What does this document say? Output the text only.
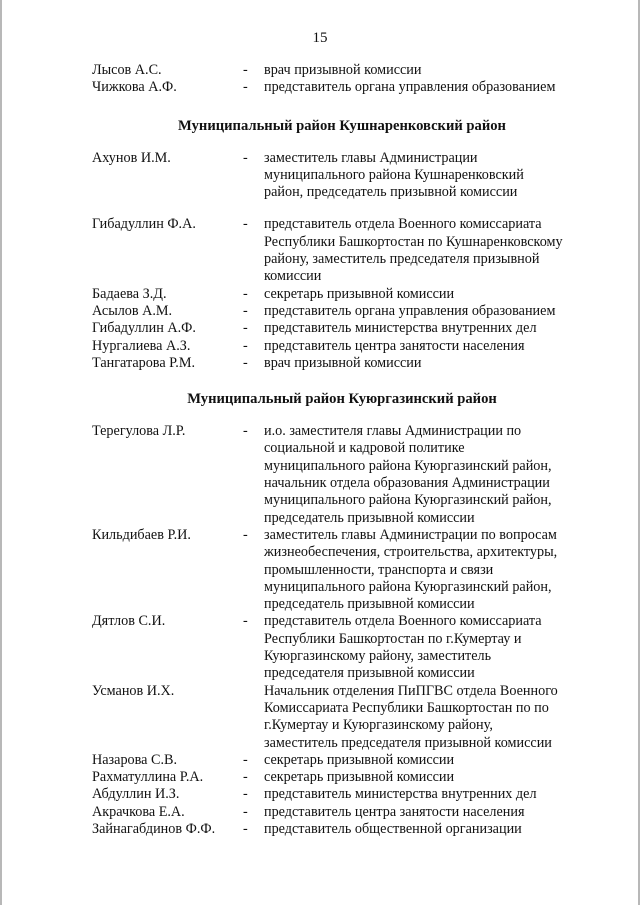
15
Лысов А.С.	-	врач призывной комиссии
Чижкова А.Ф.	-	представитель органа управления образованием
Муниципальный район Кушнаренковский район
Ахунов И.М.	-	заместитель главы Администрации
муниципального района Кушнаренковский
район, председатель призывной комиссии
Гибадуллин Ф.А.	-	представитель отдела Военного комиссариата
Республики Башкортостан по Кушнаренковскому
району, заместитель председателя призывной
комиссии
Бадаева З.Д.	-	секретарь призывной комиссии
Асылов А.М.	-	представитель органа управления образованием
Гибадуллин А.Ф.	-	представитель министерства внутренних дел
Нургалиева А.З.	-	представитель центра занятости населения
Тангатарова Р.М.	-	врач призывной комиссии
Муниципальный район Куюргазинский район
Терегулова Л.Р.	-	и.о. заместителя главы Администрации по
социальной и кадровой политике
муниципального района Куюргазинский район,
начальник отдела образования Администрации
муниципального района Куюргазинский район,
председатель призывной комиссии
Кильдибаев Р.И.	-	заместитель главы Администрации по вопросам
жизнеобеспечения, строительства, архитектуры,
промышленности, транспорта и связи
муниципального района Куюргазинский район,
председатель призывной комиссии
Дятлов С.И.	-	представитель отдела Военного комиссариата
Республики Башкортостан по г.Кумертау и
Куюргазинскому району, заместитель
председателя призывной комиссии
Усманов И.Х.	Начальник отделения ПиПГВС отдела Военного
Комиссариата Республики Башкортостан по по
г.Кумертау и Куюргазинскому району,
заместитель председателя призывной комиссии
Назарова С.В.	-	секретарь призывной комиссии
Рахматуллина Р.А.	-	секретарь призывной комиссии
Абдуллин И.З.	-	представитель министерства внутренних дел
Акрачкова Е.А.	-	представитель центра занятости населения
Зайнагабдинов Ф.Ф.	-	представитель общественной организации
